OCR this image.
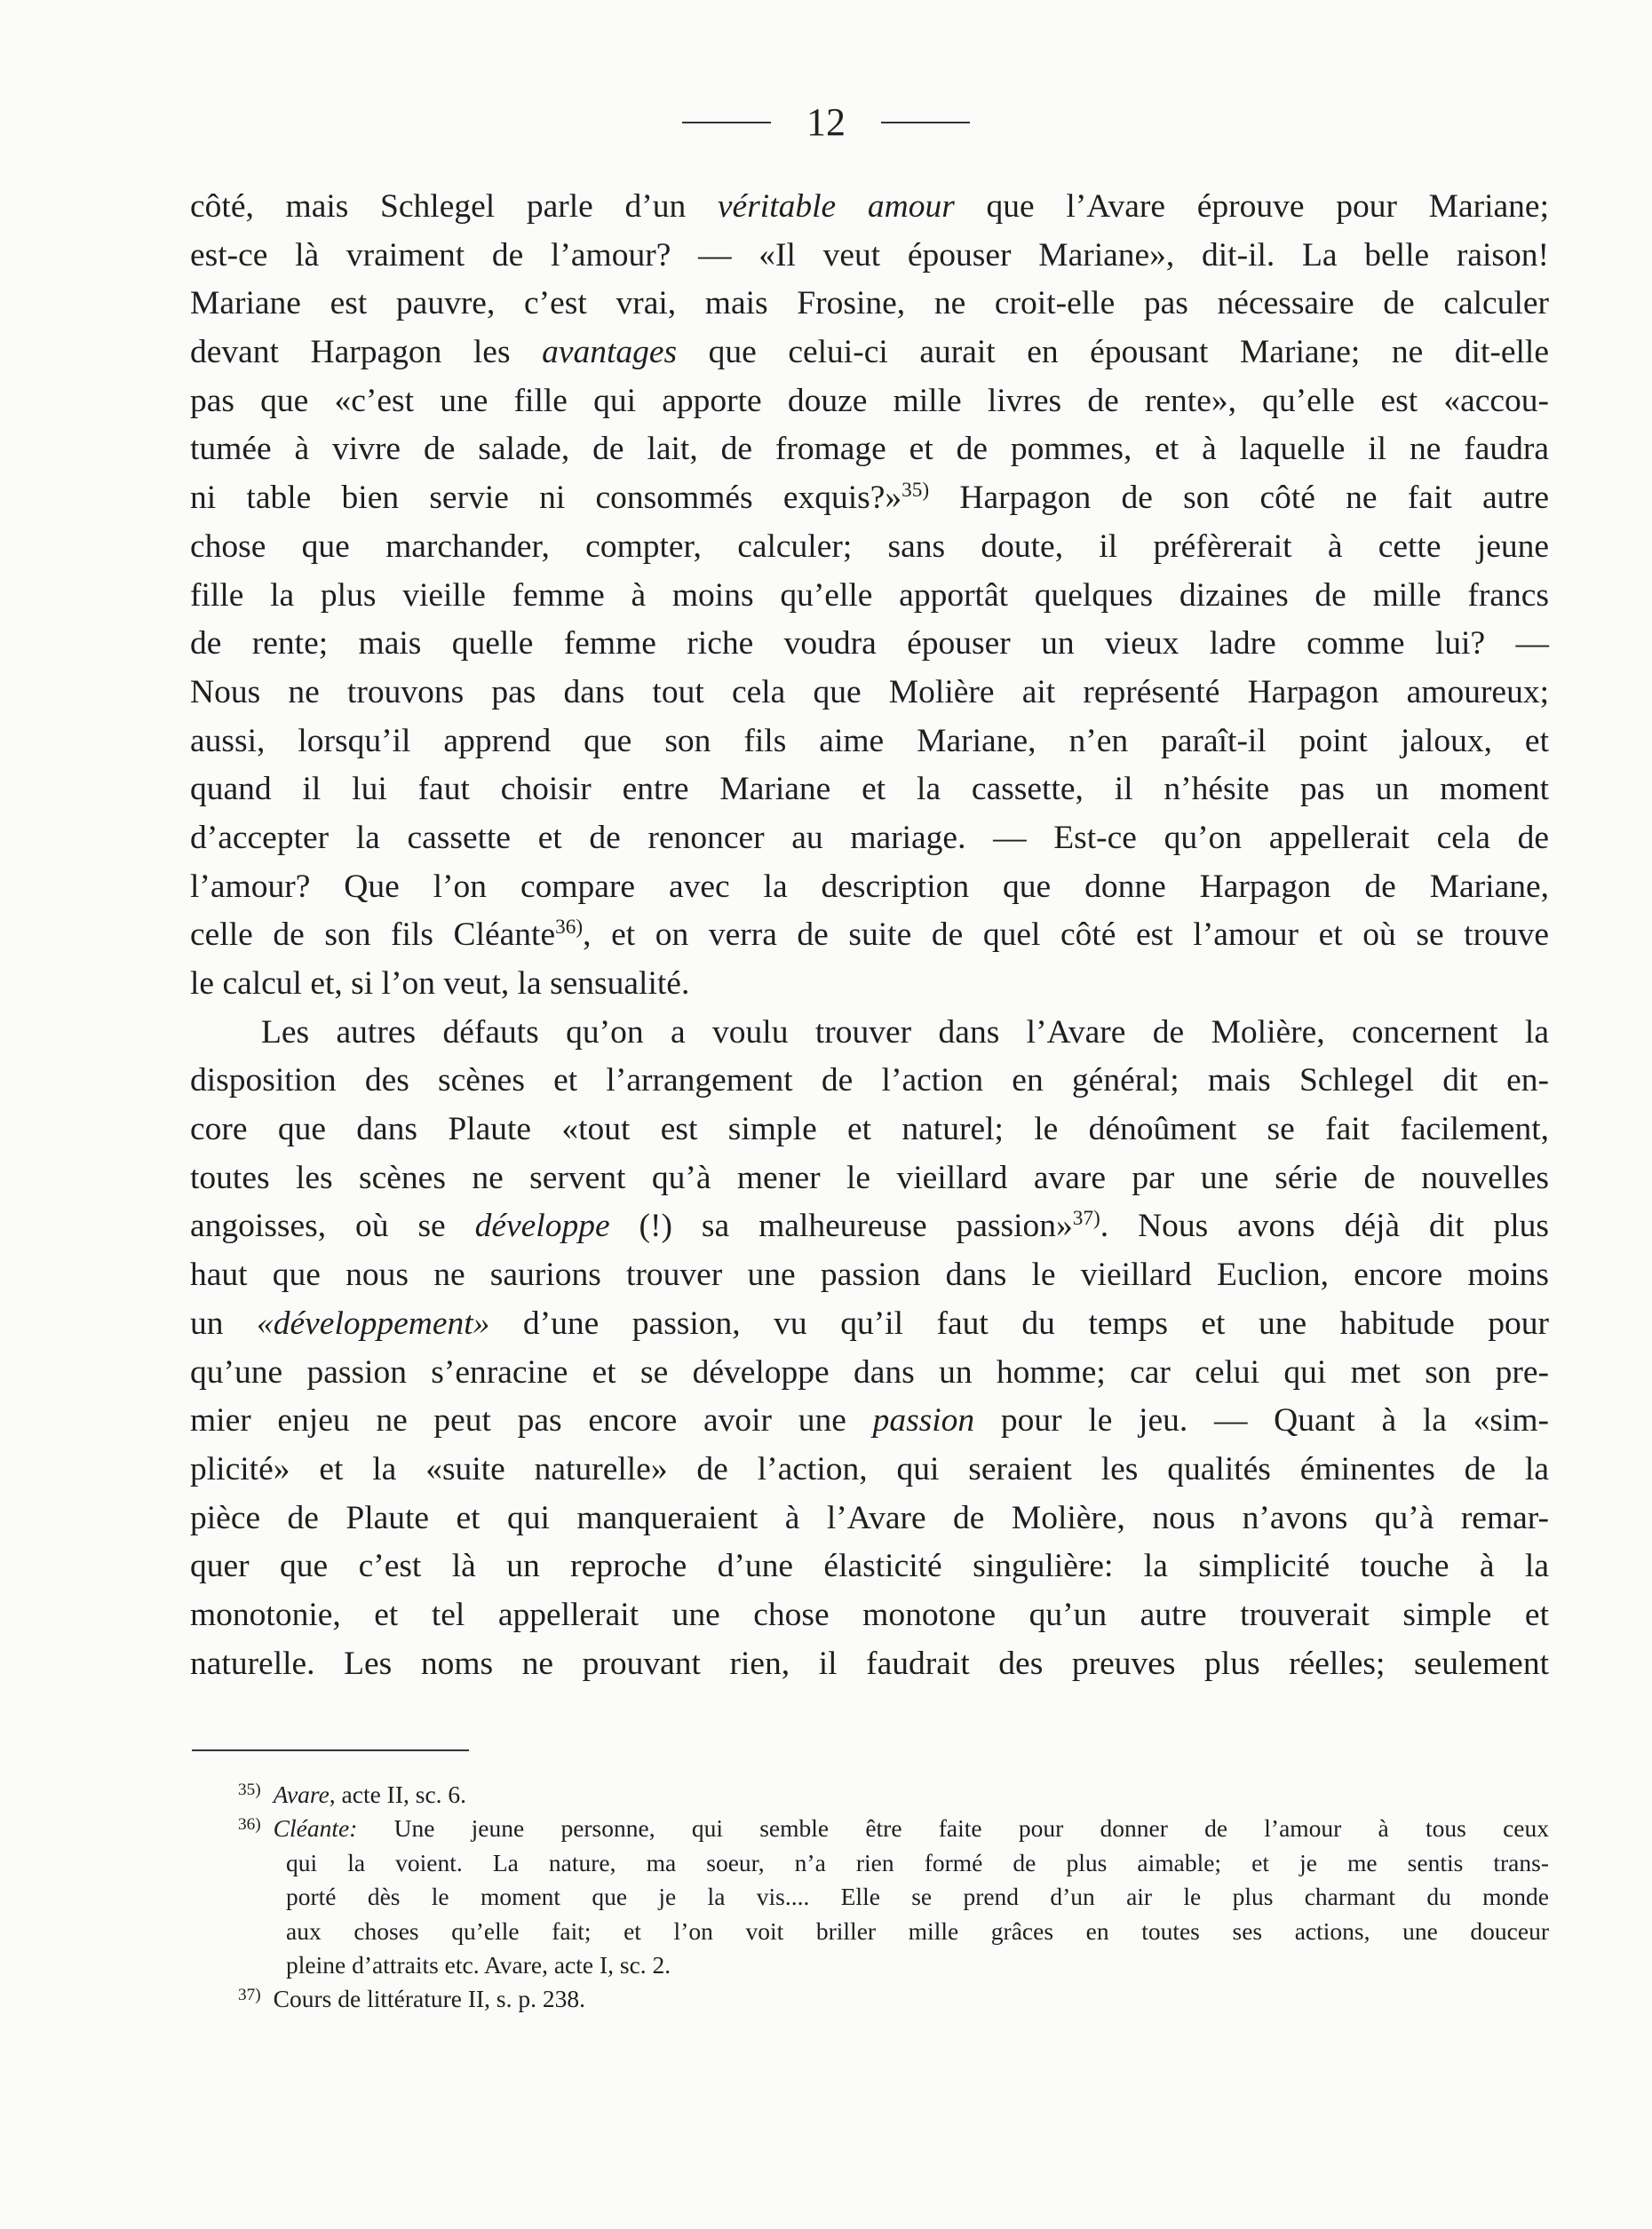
12
côté, mais Schlegel parle d’un véritable amour que l’Avare éprouve pour Mariane;
est-ce là vraiment de l’amour? — «Il veut épouser Mariane», dit-il. La belle raison!
Mariane est pauvre, c’est vrai, mais Frosine, ne croit-elle pas nécessaire de calculer
devant Harpagon les avantages que celui-ci aurait en épousant Mariane; ne dit-elle
pas que «c’est une fille qui apporte douze mille livres de rente», qu’elle est «accou-
tumée à vivre de salade, de lait, de fromage et de pommes, et à laquelle il ne faudra
ni table bien servie ni consommés exquis?»$^{35)}$ Harpagon de son côté ne fait autre
chose que marchander, compter, calculer; sans doute, il préfèrerait à cette jeune
fille la plus vieille femme à moins qu’elle apportât quelques dizaines de mille francs
de rente; mais quelle femme riche voudra épouser un vieux ladre comme lui? —
Nous ne trouvons pas dans tout cela que Molière ait représenté Harpagon amoureux;
aussi, lorsqu’il apprend que son fils aime Mariane, n’en paraît-il point jaloux, et
quand il lui faut choisir entre Mariane et la cassette, il n’hésite pas un moment
d’accepter la cassette et de renoncer au mariage. — Est-ce qu’on appellerait cela de
l’amour? Que l’on compare avec la description que donne Harpagon de Mariane,
celle de son fils Cléante$^{36)}$, et on verra de suite de quel côté est l’amour et où se trouve
le calcul et, si l’on veut, la sensualité.
Les autres défauts qu’on a voulu trouver dans l’Avare de Molière, concernent la
disposition des scènes et l’arrangement de l’action en général; mais Schlegel dit en-
core que dans Plaute «tout est simple et naturel; le dénoûment se fait facilement,
toutes les scènes ne servent qu’à mener le vieillard avare par une série de nouvelles
angoisses, où se développe (!) sa malheureuse passion»$^{37)}$. Nous avons déjà dit plus
haut que nous ne saurions trouver une passion dans le vieillard Euclion, encore moins
un «développement» d’une passion, vu qu’il faut du temps et une habitude pour
qu’une passion s’enracine et se développe dans un homme; car celui qui met son pre-
mier enjeu ne peut pas encore avoir une passion pour le jeu. — Quant à la «sim-
plicité» et la «suite naturelle» de l’action, qui seraient les qualités éminentes de la
pièce de Plaute et qui manqueraient à l’Avare de Molière, nous n’avons qu’à remar-
quer que c’est là un reproche d’une élasticité singulière: la simplicité touche à la
monotonie, et tel appellerait une chose monotone qu’un autre trouverait simple et
naturelle. Les noms ne prouvant rien, il faudrait des preuves plus réelles; seulement
$^{35)}$ Avare, acte II, sc. 6.
$^{36)}$ Cléante: Une jeune personne, qui semble être faite pour donner de l’amour à tous ceux
qui la voient. La nature, ma soeur, n’a rien formé de plus aimable; et je me sentis trans-
porté dès le moment que je la vis.... Elle se prend d’un air le plus charmant du monde
aux choses qu’elle fait; et l’on voit briller mille grâces en toutes ses actions, une douceur
pleine d’attraits etc. Avare, acte I, sc. 2.
$^{37)}$ Cours de littérature II, s. p. 238.
